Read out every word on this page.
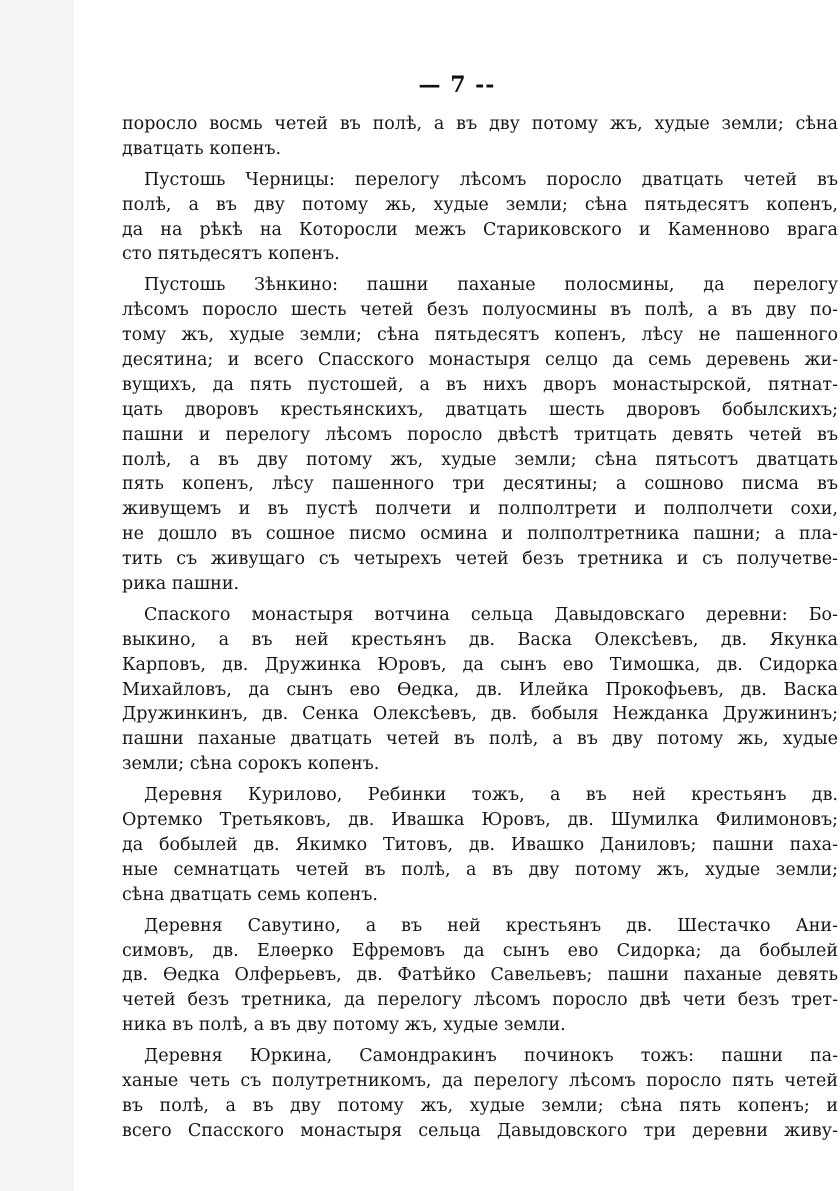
— 7 --
поросло восмь четей въ полѣ, а въ дву потому жъ, худые земли; сѣна
дватцать копенъ.
Пустошь Черницы: перелогу лѣсомъ поросло дватцать четей въ
полѣ, а въ дву потому жь, худые земли; сѣна пятьдесятъ копенъ,
да на рѣкѣ на Которосли межъ Стариковского и Каменново врага
сто пятьдесятъ копенъ.
Пустошь Зѣнкино: пашни паханые полосмины, да перелогу
лѣсомъ поросло шесть четей безъ полуосмины въ полѣ, а въ дву по-
тому жъ, худые земли; сѣна пятьдесятъ копенъ, лѣсу не пашенного
десятина; и всего Спасского монастыря селцо да семь деревень жи-
вущихъ, да пять пустошей, а въ нихъ дворъ монастырской, пятнат-
цать дворовъ крестьянскихъ, дватцать шесть дворовъ бобылскихъ;
пашни и перелогу лѣсомъ поросло двѣстѣ тритцать девять четей въ
полѣ, а въ дву потому жъ, худые земли; сѣна пятьсотъ дватцать
пять копенъ, лѣсу пашенного три десятины; а сошново писма въ
живущемъ и въ пустѣ полчети и полполтрети и полполчети сохи,
не дошло въ сошное писмо осмина и полполтретника пашни; а пла-
тить съ живущаго съ четырехъ четей безъ третника и съ получетве-
рика пашни.
Спаского монастыря вотчина сельца Давыдовскаго деревни: Бо-
выкино, а въ ней крестьянъ дв. Васка Олексѣевъ, дв. Якунка
Карповъ, дв. Дружинка Юровъ, да сынъ ево Тимошка, дв. Сидорка
Михайловъ, да сынъ ево Ѳедка, дв. Илейка Прокофьевъ, дв. Васка
Дружинкинъ, дв. Сенка Олексѣевъ, дв. бобыля Нежданка Дружининъ;
пашни паханые дватцать четей въ полѣ, а въ дву потому жь, худые
земли; сѣна сорокъ копенъ.
Деревня Курилово, Ребинки тожъ, а въ ней крестьянъ дв.
Ортемко Третьяковъ, дв. Ивашка Юровъ, дв. Шумилка Филимоновъ;
да бобылей дв. Якимко Титовъ, дв. Ивашко Даниловъ; пашни паха-
ные семнатцать четей въ полѣ, а въ дву потому жъ, худые земли;
сѣна дватцать семь копенъ.
Деревня Савутино, а въ ней крестьянъ дв. Шестачко Ани-
симовъ, дв. Елѳерко Ефремовъ да сынъ ево Сидорка; да бобылей
дв. Ѳедка Олферьевъ, дв. Фатѣйко Савельевъ; пашни паханые девять
четей безъ третника, да перелогу лѣсомъ поросло двѣ чети безъ трет-
ника въ полѣ, а въ дву потому жъ, худые земли.
Деревня Юркина, Самондракинъ починокъ тожъ: пашни па-
ханые четь съ полутретникомъ, да перелогу лѣсомъ поросло пять четей
въ полѣ, а въ дву потому жъ, худые земли; сѣна пять копенъ; и
всего Спасского монастыря сельца Давыдовского три деревни живу-
